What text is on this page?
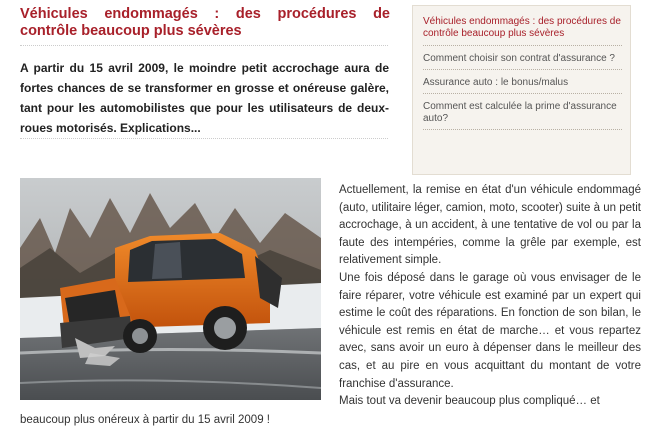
Véhicules endommagés : des procédures de
contrôle beaucoup plus sévères

A partir du 15 avril 2009, le moindre petit accrochage aura de fortes chances de se transformer en grosse et onéreuse galère, tant pour les automobilistes que pour les utilisateurs de deux-roues motorisés. Explications...

Véhicules endommagés : des procédures de contrôle beaucoup plus sévères
Comment choisir son contrat d'assurance ?
Assurance auto : le bonus/malus
Comment est calculée la prime d'assurance auto?

Actuellement, la remise en état d'un véhicule endommagé (auto, utilitaire léger, camion, moto, scooter) suite à un petit accrochage, à un accident, à une tentative de vol ou par la faute des intempéries, comme la grêle par exemple, est relativement simple.

Une fois déposé dans le garage où vous envisager de le faire réparer, votre véhicule est examiné par un expert qui estime le coût des réparations. En fonction de son bilan, le véhicule est remis en état de marche… et vous repartez avec, sans avoir un euro à dépenser dans le meilleur des cas, et au pire en vous acquittant du montant de votre franchise d'assurance.

Mais tout va devenir beaucoup plus compliqué… et

beaucoup plus onéreux à partir du 15 avril 2009 !
